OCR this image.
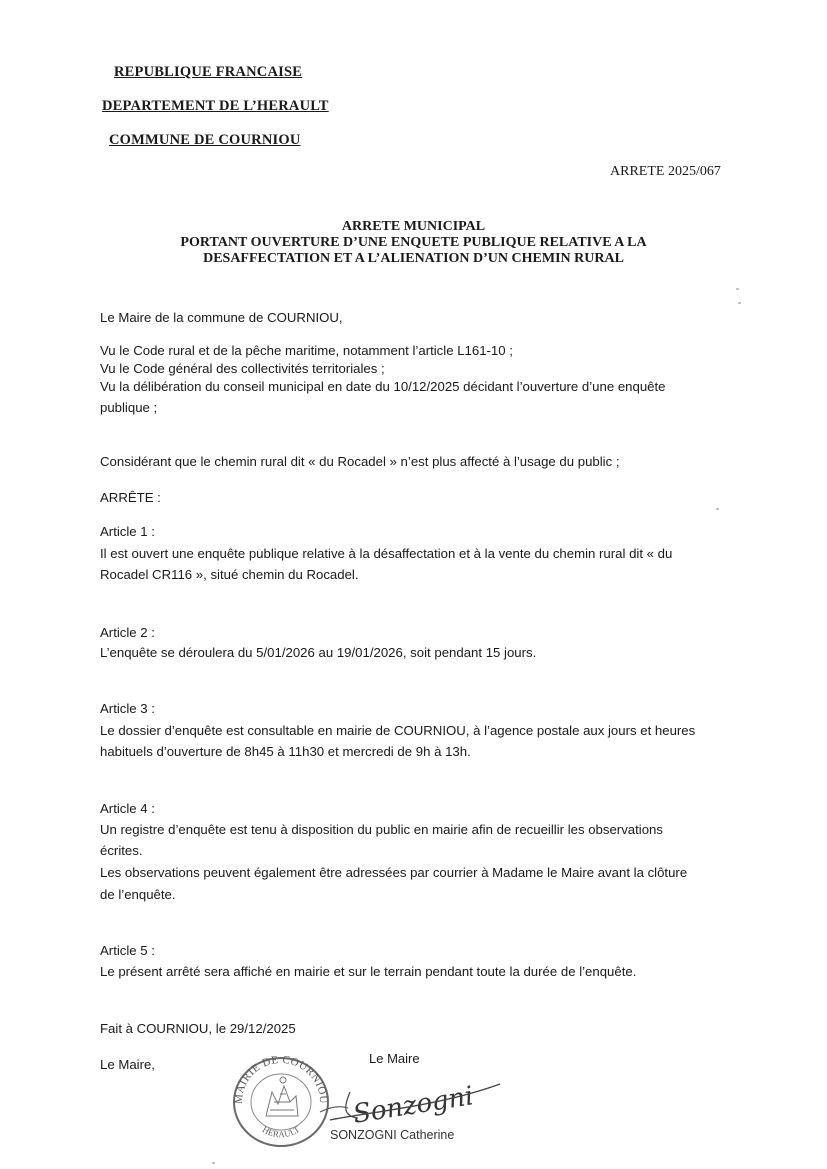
REPUBLIQUE FRANCAISE
DEPARTEMENT DE L’HERAULT
COMMUNE DE COURNIOU
ARRETE 2025/067
ARRETE MUNICIPAL
PORTANT OUVERTURE D’UNE ENQUETE PUBLIQUE RELATIVE A LA
DESAFFECTATION ET A L’ALIENATION D’UN CHEMIN RURAL
Le Maire de la commune de COURNIOU,
Vu le Code rural et de la pêche maritime, notamment l’article L161-10 ;
Vu le Code général des collectivités territoriales ;
Vu la délibération du conseil municipal en date du 10/12/2025 décidant l’ouverture d’une enquête
publique ;
Considérant que le chemin rural dit « du Rocadel » n’est plus affecté à l’usage du public ;
ARRÊTE :
Article 1 :
Il est ouvert une enquête publique relative à la désaffectation et à la vente du chemin rural dit « du
Rocadel CR116 », situé chemin du Rocadel.
Article 2 :
L’enquête se déroulera du 5/01/2026 au 19/01/2026, soit pendant 15 jours.
Article 3 :
Le dossier d’enquête est consultable en mairie de COURNIOU, à l’agence postale aux jours et heures
habituels d’ouverture de 8h45 à 11h30 et mercredi de 9h à 13h.
Article 4 :
Un registre d’enquête est tenu à disposition du public en mairie afin de recueillir les observations
écrites.
Les observations peuvent également être adressées par courrier à Madame le Maire avant la clôture
de l’enquête.
Article 5 :
Le présent arrêté sera affiché en mairie et sur le terrain pendant toute la durée de l’enquête.
Fait à COURNIOU, le 29/12/2025
Le Maire,	Le Maire
SONZOGNI Catherine
MAIRIE DE COURNIOU
HERAULT
Sonzogni
